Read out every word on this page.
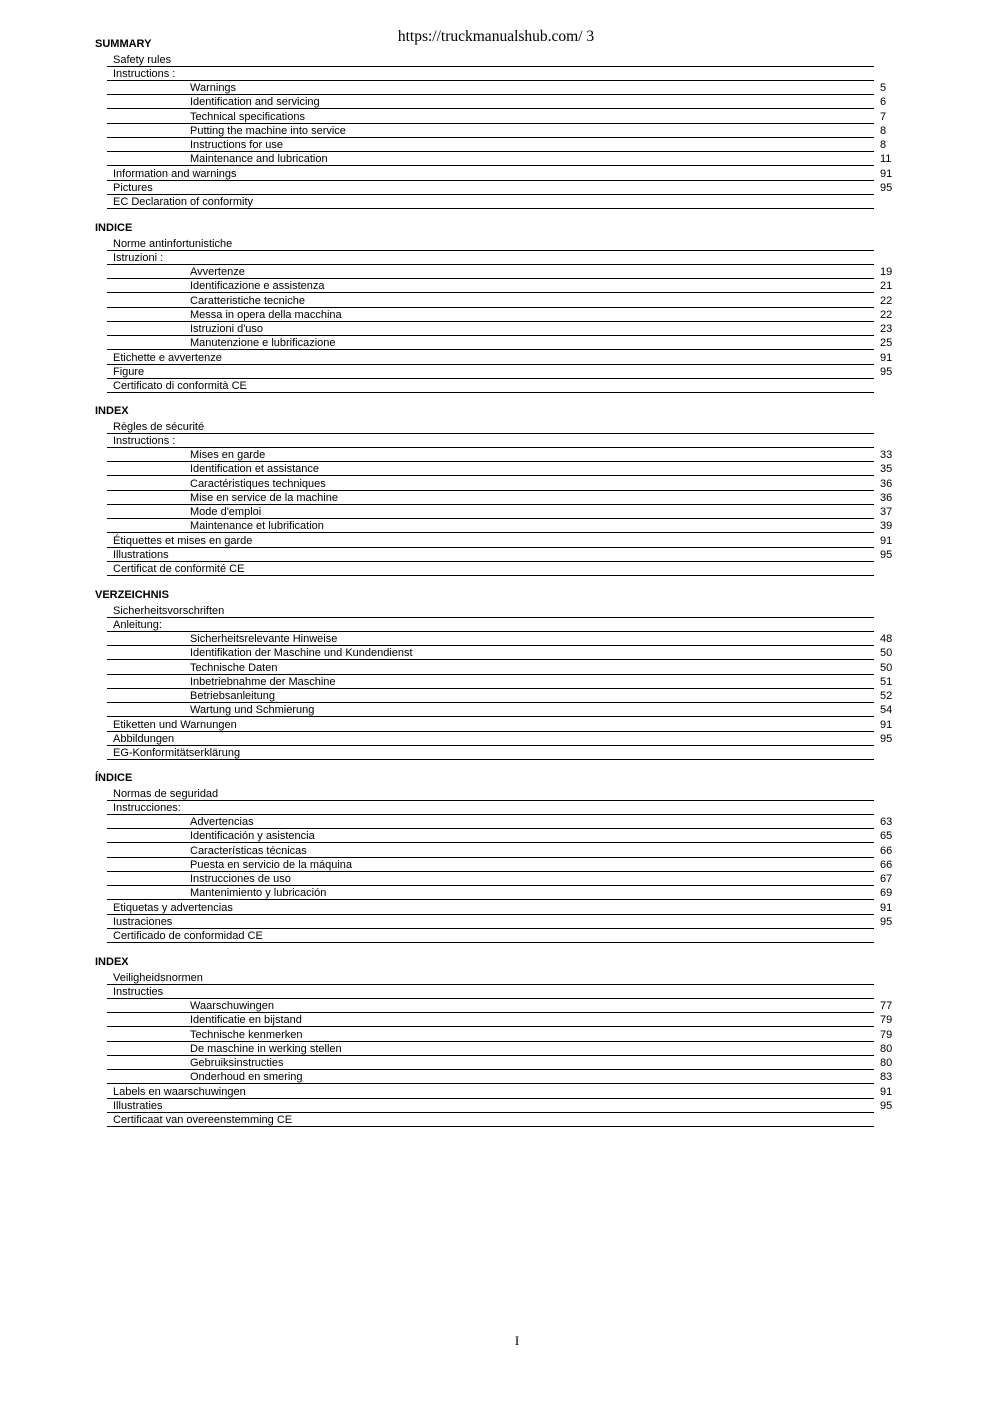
https://truckmanualshub.com/ 3
SUMMARY
Safety rules
Instructions :
Warnings	5
Identification and servicing	6
Technical specifications	7
Putting the machine into service	8
Instructions for use	8
Maintenance and lubrication	11
Information and warnings	91
Pictures	95
EC Declaration of conformity
INDICE
Norme antinfortunistiche
Istruzioni :
Avvertenze	19
Identificazione e assistenza	21
Caratteristiche tecniche	22
Messa in opera della macchina	22
Istruzioni d'uso	23
Manutenzione e lubrificazione	25
Etichette e avvertenze	91
Figure	95
Certificato di conformità CE
INDEX
Règles de sécurité
Instructions :
Mises en garde	33
Identification et assistance	35
Caractéristiques techniques	36
Mise en service de la machine	36
Mode d'emploi	37
Maintenance et lubrification	39
Étiquettes et mises en garde	91
Illustrations	95
Certificat de conformité CE
VERZEICHNIS
Sicherheitsvorschriften
Anleitung:
Sicherheitsrelevante Hinweise	48
Identifikation der Maschine und Kundendienst	50
Technische Daten	50
Inbetriebnahme der Maschine	51
Betriebsanleitung	52
Wartung und Schmierung	54
Etiketten und Warnungen	91
Abbildungen	95
EG-Konformitätserklärung
ÍNDICE
Normas de seguridad
Instrucciones:
Advertencias	63
Identificación y asistencia	65
Características técnicas	66
Puesta en servicio de la máquina	66
Instrucciones de uso	67
Mantenimiento y lubricación	69
Etiquetas y advertencias	91
Iustraciones	95
Certificado de conformidad CE
INDEX
Veiligheidsnormen
Instructies
Waarschuwingen	77
Identificatie en bijstand	79
Technische kenmerken	79
De maschine in werking stellen	80
Gebruiksinstructies	80
Onderhoud en smering	83
Labels en waarschuwingen	91
Illustraties	95
Certificaat van overeenstemming CE
I
